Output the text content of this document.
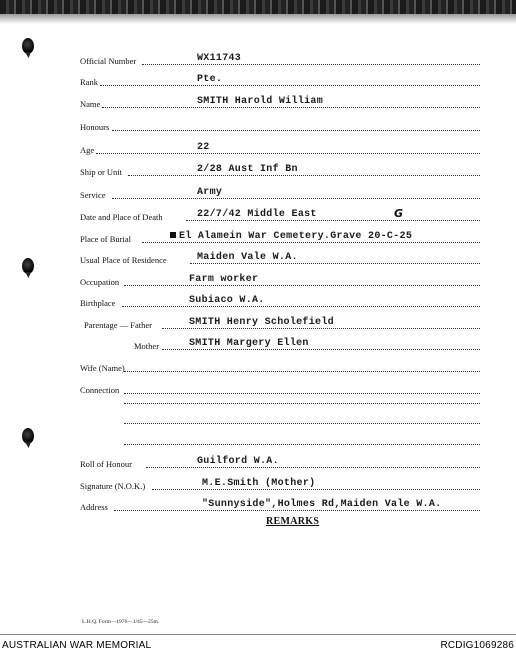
Official Number	WX11743
Rank	Pte.
Name	SMITH Harold William
Honours
Age	22
Ship or Unit	2/28 Aust Inf Bn
Service	Army
Date and Place of Death	22/7/42 Middle East
Place of Burial	El Alamein War Cemetery.Grave 20-C-25
G
Usual Place of Residence	Maiden Vale W.A.
Occupation	Farm worker
Birthplace	Subiaco W.A.
Parentage — Father	SMITH Henry Scholefield
Mother	SMITH Margery Ellen
Wife (Name)
Connection
Roll of Honour	Guilford W.A.
Signature (N.O.K.)	M.E.Smith (Mother)
Address	"Sunnyside",Holmes Rd,Maiden Vale W.A.
REMARKS
L.H.Q. Form—1976—1/45—25m.
AUSTRALIAN WAR MEMORIAL	RCDIG1069286
